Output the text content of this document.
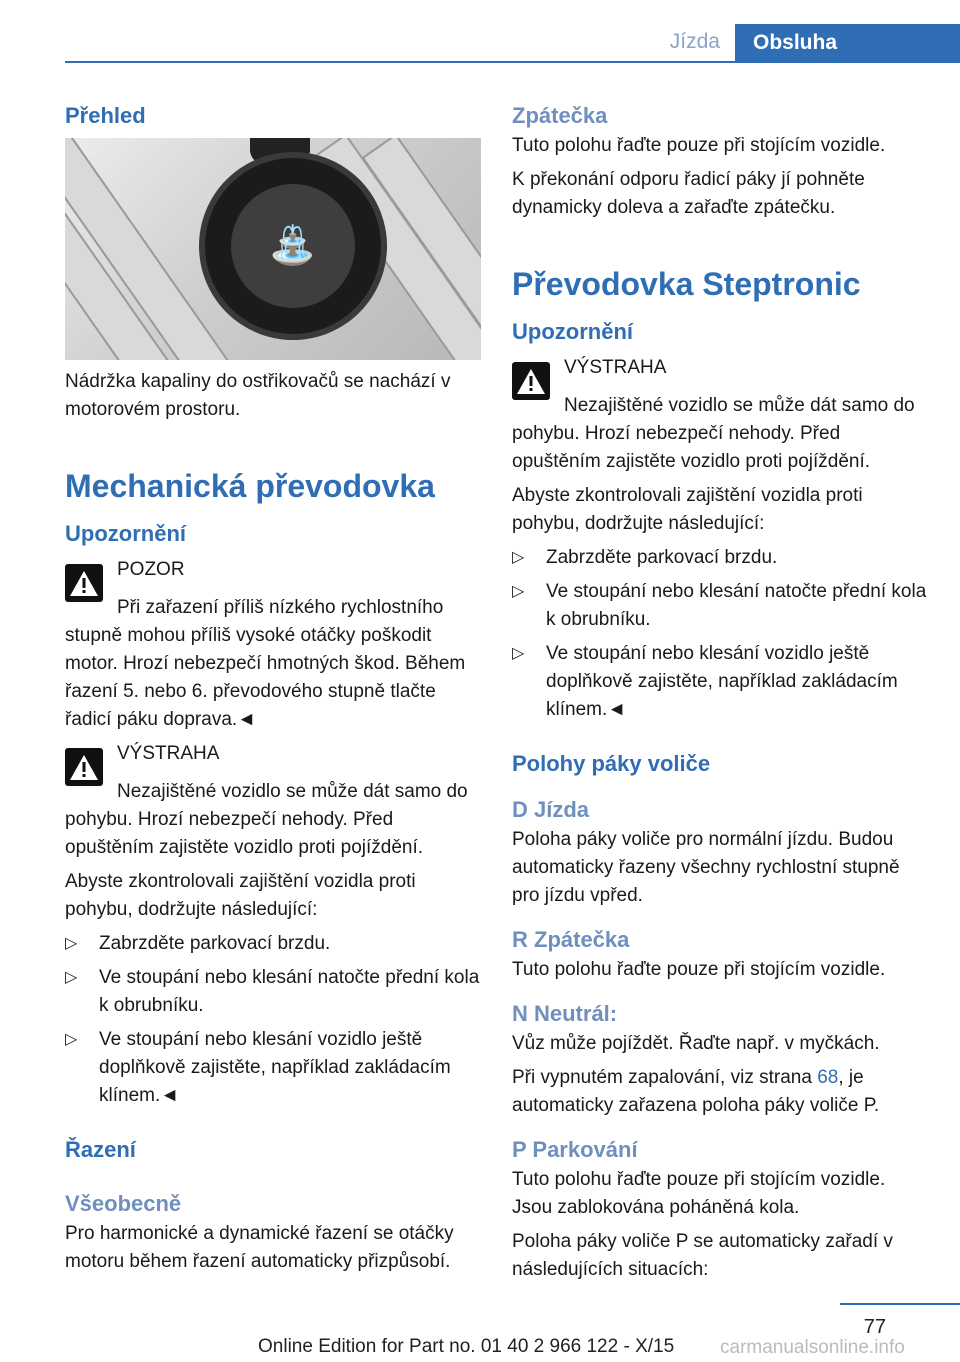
Jízda	Obsluha
Přehled
⛲

Nádržka kapaliny do ostřikovačů se nachází v motorovém prostoru.

Mechanická převodovka
Upozornění

POZOR

Při zařazení příliš nízkého rychlostního stupně mohou příliš vysoké otáčky poškodit motor. Hrozí nebezpečí hmotných škod. Během řazení 5. nebo 6. převodového stupně tlačte řadicí páku doprava.◄

VÝSTRAHA

Nezajištěné vozidlo se může dát samo do pohybu. Hrozí nebezpečí nehody. Před opuštěním zajistěte vozidlo proti pojíždění.

Abyste zkontrolovali zajištění vozidla proti pohybu, dodržujte následující:

▷ Zabrzděte parkovací brzdu.
▷ Ve stoupání nebo klesání natočte přední kola k obrubníku.
▷ Ve stoupání nebo klesání vozidlo ještě doplňkově zajistěte, například zakládacím klínem.◄
Řazení
Všeobecně

Pro harmonické a dynamické řazení se otáčky motoru během řazení automaticky přizpůsobí.

Zpátečka

Tuto polohu řaďte pouze při stojícím vozidle.

K překonání odporu řadicí páky jí pohněte dynamicky doleva a zařaďte zpátečku.

Převodovka Steptronic
Upozornění

VÝSTRAHA

Nezajištěné vozidlo se může dát samo do pohybu. Hrozí nebezpečí nehody. Před opuštěním zajistěte vozidlo proti pojíždění.

Abyste zkontrolovali zajištění vozidla proti pohybu, dodržujte následující:

▷ Zabrzděte parkovací brzdu.
▷ Ve stoupání nebo klesání natočte přední kola k obrubníku.
▷ Ve stoupání nebo klesání vozidlo ještě doplňkově zajistěte, například zakládacím klínem.◄
Polohy páky voliče
D Jízda

Poloha páky voliče pro normální jízdu. Budou automaticky řazeny všechny rychlostní stupně pro jízdu vpřed.

R Zpátečka

Tuto polohu řaďte pouze při stojícím vozidle.

N Neutrál:

Vůz může pojíždět. Řaďte např. v myčkách.

Při vypnutém zapalování, viz strana 68, je automaticky zařazena poloha páky voliče P.

P Parkování

Tuto polohu řaďte pouze při stojícím vozidle. Jsou zablokována poháněná kola.

Poloha páky voliče P se automaticky zařadí v následujících situacích:

77
Online Edition for Part no. 01 40 2 966 122 - X/15 carmanualsonline.info
